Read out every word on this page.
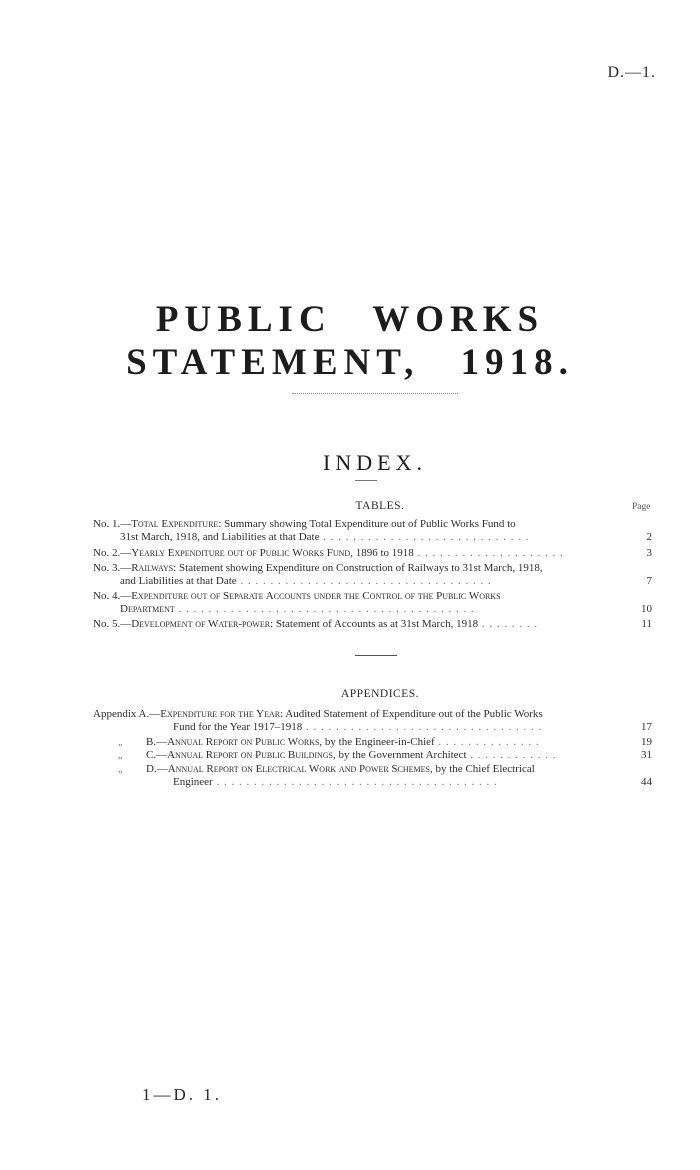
D.—1.
PUBLIC WORKS STATEMENT, 1918.
INDEX.
TABLES.	Page
No. 1.—Total Expenditure: Summary showing Total Expenditure out of Public Works Fund to
31st March, 1918, and Liabilities at that Date . . . . . . . . . . . . . . . . . . . . . . . . . . . .	2
No. 2.—Yearly Expenditure out of Public Works Fund, 1896 to 1918 . . . . . . . . . . . . . . . . . . . .	3
No. 3.—Railways: Statement showing Expenditure on Construction of Railways to 31st March, 1918,
and Liabilities at that Date . . . . . . . . . . . . . . . . . . . . . . . . . . . . . . . . . .	7
No. 4.—Expenditure out of Separate Accounts under the Control of the Public Works
Department . . . . . . . . . . . . . . . . . . . . . . . . . . . . . . . . . . . . . . . .	10
No. 5.—Development of Water-power: Statement of Accounts as at 31st March, 1918 . . . . . . . .	11
APPENDICES.
Appendix A.—Expenditure for the Year: Audited Statement of Expenditure out of the Public Works
Fund for the Year 1917–1918 . . . . . . . . . . . . . . . . . . . . . . . . . . . . . . . .	17
„ B.—Annual Report on Public Works, by the Engineer-in-Chief . . . . . . . . . . . . . .	19
„ C.—Annual Report on Public Buildings, by the Government Architect . . . . . . . . . . . .	31
„ D.—Annual Report on Electrical Work and Power Schemes, by the Chief Electrical
Engineer . . . . . . . . . . . . . . . . . . . . . . . . . . . . . . . . . . . . . .	44
1—D. 1.
